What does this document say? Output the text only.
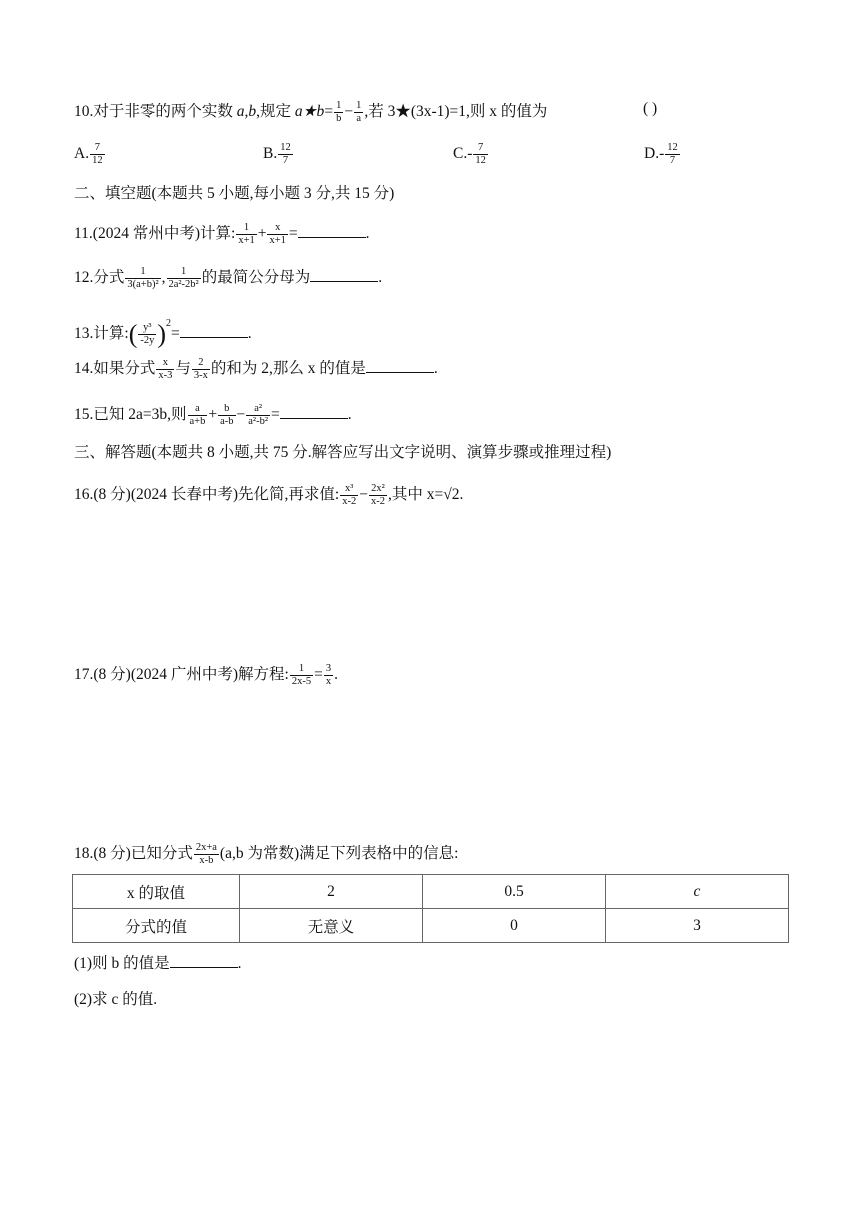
10.对于非零的两个实数 a,b,规定 a★b= $\frac{1}{b} - \frac{1}{a}$ ,若 3★(3x-1)=1,则 x 的值为	( )
A. $\frac{7}{12}$	B. $\frac{12}{7}$	$C.- \frac{7}{12}$	$D.- \frac{12}{7}$
二、填空题(本题共 5 小题,每小题 3 分,共 15 分)
11.(2024 常州中考)计算: $\frac{1}{x+1} + \frac{x}{x+1}$ =	.
12.分式 $\frac{1}{\text{3(a+b)²}}$ , $\frac{1}{\text{2a²-2b²}}$ 的最简公分母为	.
13.计算:( $\frac{\text{y³}}{-2y} )^2=$	.
14.如果分式 $\frac{x}{x-3}$ 与 $\frac{2}{3-x}$ 的和为 2,那么 x 的值是	.
15.已知 2a=3b,则 $\frac{a}{a+b} + \frac{b}{a-b} - \frac{\text{a²}}{\text{a²-b²}}$ =	.
三、解答题(本题共 8 小题,共 75 分.解答应写出文字说明、演算步骤或推理过程)
16.(8 分)(2024 长春中考)先化简,再求值: $\frac{\text{x³}}{x-2} - \frac{\text{2x²}}{x-2}$ ,其中 x=√2.
17.(8 分)(2024 广州中考)解方程: $\frac{1}{2x-5} = \frac{3}{x}$ .
18.(8 分)已知分式 $\frac{2x+a}{x-b} (a,b$ 为常数)满足下列表格中的信息:
x 的取值	2	0.5	c
分式的值	无意义	0	3
(1)则 b 的值是	.
(2)求 c 的值.
